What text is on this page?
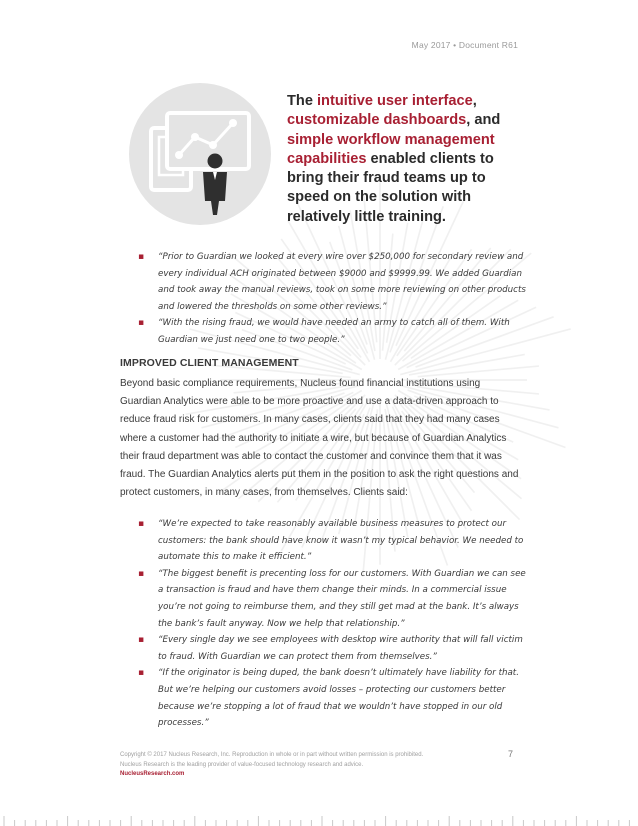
May 2017 • Document R61
The intuitive user interface, customizable dashboards, and simple workflow management capabilities enabled clients to bring their fraud teams up to speed on the solution with relatively little training.
▪ “Prior to Guardian we looked at every wire over $250,000 for secondary review and every individual ACH originated between $9000 and $9999.99. We added Guardian and took away the manual reviews, took on some more reviewing on other products and lowered the thresholds on some other reviews.”
▪ “With the rising fraud, we would have needed an army to catch all of them. With Guardian we just need one to two people.”
IMPROVED CLIENT MANAGEMENT
Beyond basic compliance requirements, Nucleus found financial institutions using Guardian Analytics were able to be more proactive and use a data-driven approach to reduce fraud risk for customers. In many cases, clients said that they had many cases where a customer had the authority to initiate a wire, but because of Guardian Analytics their fraud department was able to contact the customer and convince them that it was fraud. The Guardian Analytics alerts put them in the position to ask the right questions and protect customers, in many cases, from themselves. Clients said:
▪ “We’re expected to take reasonably available business measures to protect our customers: the bank should have know it wasn’t my typical behavior. We needed to automate this to make it efficient.”
▪ “The biggest benefit is precenting loss for our customers. With Guardian we can see a transaction is fraud and have them change their minds. In a commercial issue you’re not going to reimburse them, and they still get mad at the bank. It’s always the bank’s fault anyway. Now we help that relationship.”
▪ “Every single day we see employees with desktop wire authority that will fall victim to fraud. With Guardian we can protect them from themselves.”
▪ “If the originator is being duped, the bank doesn’t ultimately have liability for that. But we’re helping our customers avoid losses – protecting our customers better because we’re stopping a lot of fraud that we wouldn’t have stopped in our old processes.”
Copyright © 2017 Nucleus Research, Inc. Reproduction in whole or in part without written permission is prohibited.
Nucleus Research is the leading provider of value-focused technology research and advice.
NucleusResearch.com
7
